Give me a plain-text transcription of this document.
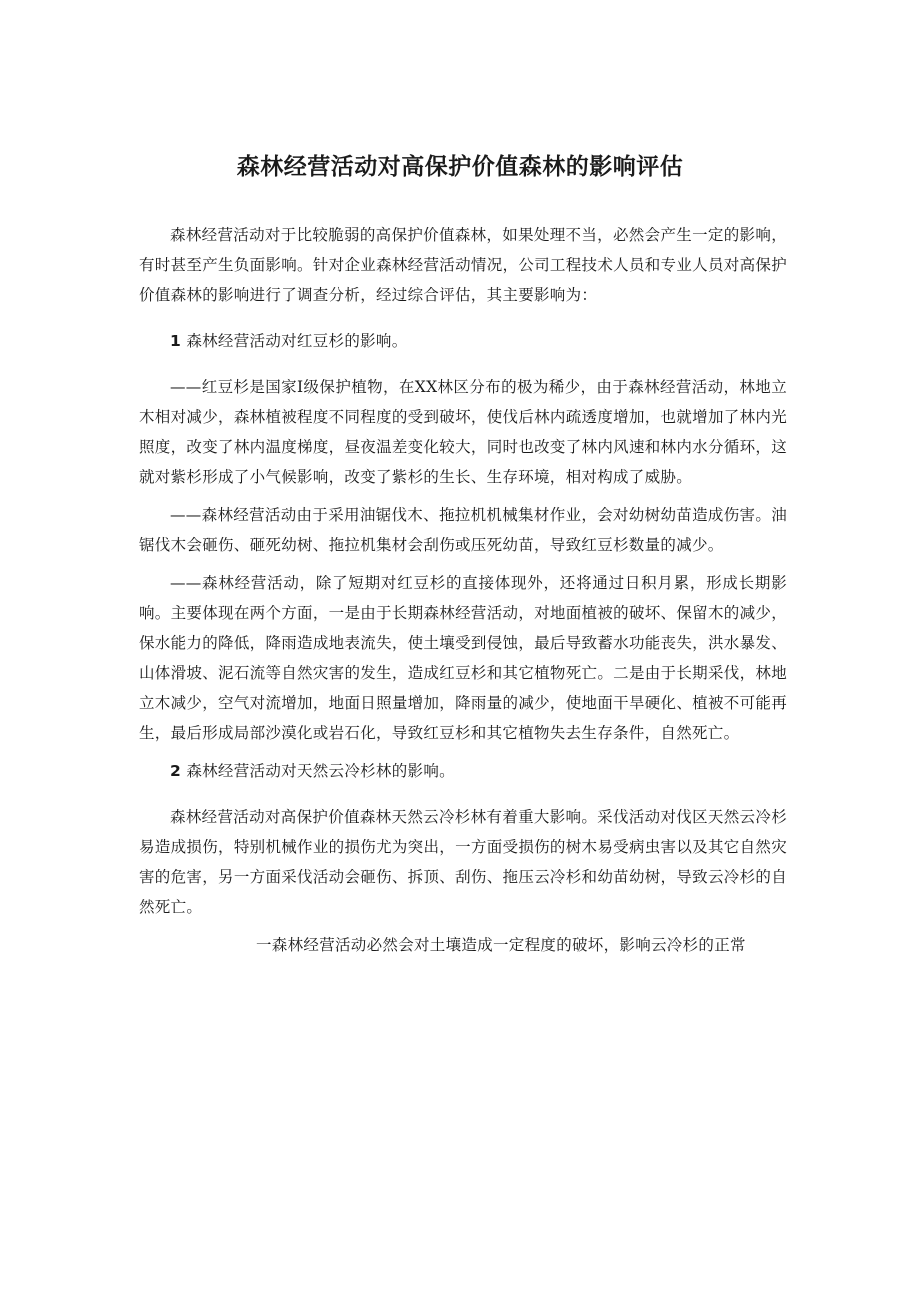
森林经营活动对高保护价值森林的影响评估

森林经营活动对于比较脆弱的高保护价值森林，如果处理不当，必然会产生一定的影响，有时甚至产生负面影响。针对企业森林经营活动情况，公司工程技术人员和专业人员对高保护价值森林的影响进行了调查分析，经过综合评估，其主要影响为：

1 森林经营活动对红豆杉的影响。

——红豆杉是国家Ⅰ级保护植物，在XX林区分布的极为稀少，由于森林经营活动，林地立木相对减少，森林植被程度不同程度的受到破坏，使伐后林内疏透度增加，也就增加了林内光照度，改变了林内温度梯度，昼夜温差变化较大，同时也改变了林内风速和林内水分循环，这就对紫杉形成了小气候影响，改变了紫杉的生长、生存环境，相对构成了威胁。

——森林经营活动由于采用油锯伐木、拖拉机机械集材作业，会对幼树幼苗造成伤害。油锯伐木会砸伤、砸死幼树、拖拉机集材会刮伤或压死幼苗，导致红豆杉数量的减少。

——森林经营活动，除了短期对红豆杉的直接体现外，还将通过日积月累，形成长期影响。主要体现在两个方面，一是由于长期森林经营活动，对地面植被的破坏、保留木的减少，保水能力的降低，降雨造成地表流失，使土壤受到侵蚀，最后导致蓄水功能丧失，洪水暴发、山体滑坡、泥石流等自然灾害的发生，造成红豆杉和其它植物死亡。二是由于长期采伐，林地立木减少，空气对流增加，地面日照量增加，降雨量的减少，使地面干旱硬化、植被不可能再生，最后形成局部沙漠化或岩石化，导致红豆杉和其它植物失去生存条件，自然死亡。

2 森林经营活动对天然云冷杉林的影响。

森林经营活动对高保护价值森林天然云冷杉林有着重大影响。采伐活动对伐区天然云冷杉易造成损伤，特别机械作业的损伤尤为突出，一方面受损伤的树木易受病虫害以及其它自然灾害的危害，另一方面采伐活动会砸伤、拆顶、刮伤、拖压云冷杉和幼苗幼树，导致云冷杉的自然死亡。

一森林经营活动必然会对土壤造成一定程度的破坏，影响云冷杉的正常
